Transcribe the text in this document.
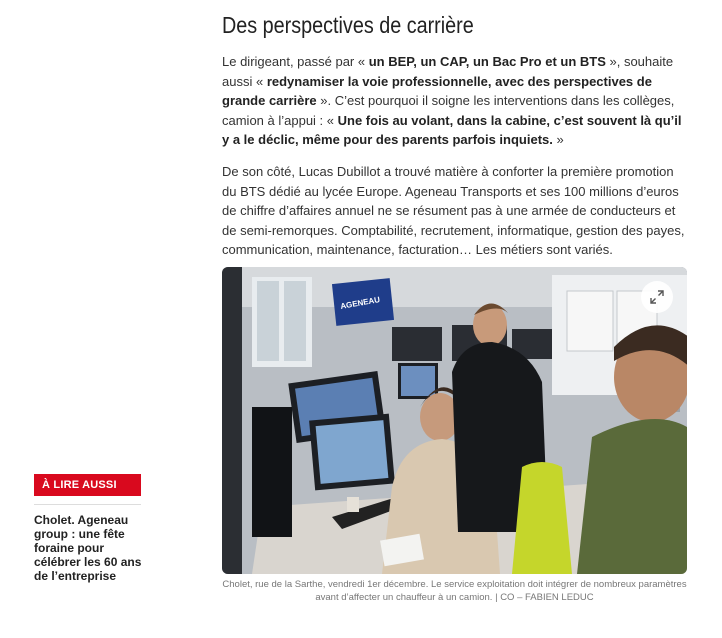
Des perspectives de carrière

Le dirigeant, passé par « un BEP, un CAP, un Bac Pro et un BTS », souhaite aussi « redynamiser la voie professionnelle, avec des perspectives de grande carrière ». C’est pourquoi il soigne les interventions dans les collèges, camion à l’appui : « Une fois au volant, dans la cabine, c’est souvent là qu’il y a le déclic, même pour des parents parfois inquiets. »

De son côté, Lucas Dubillot a trouvé matière à conforter la première promotion du BTS dédié au lycée Europe. Ageneau Transports et ses 100 millions d’euros de chiffre d’affaires annuel ne se résument pas à une armée de conducteurs et de semi-remorques. Comptabilité, recrutement, informatique, gestion des payes, communication, maintenance, facturation… Les métiers sont variés.

AGENEAU

Cholet, rue de la Sarthe, vendredi 1er décembre. Le service exploitation doit intégrer de nombreux paramètres avant d’affecter un chauffeur à un camion. | CO – FABIEN LEDUC

À LIRE AUSSI
Cholet. Ageneau group : une fête foraine pour célébrer les 60 ans de l’entreprise
